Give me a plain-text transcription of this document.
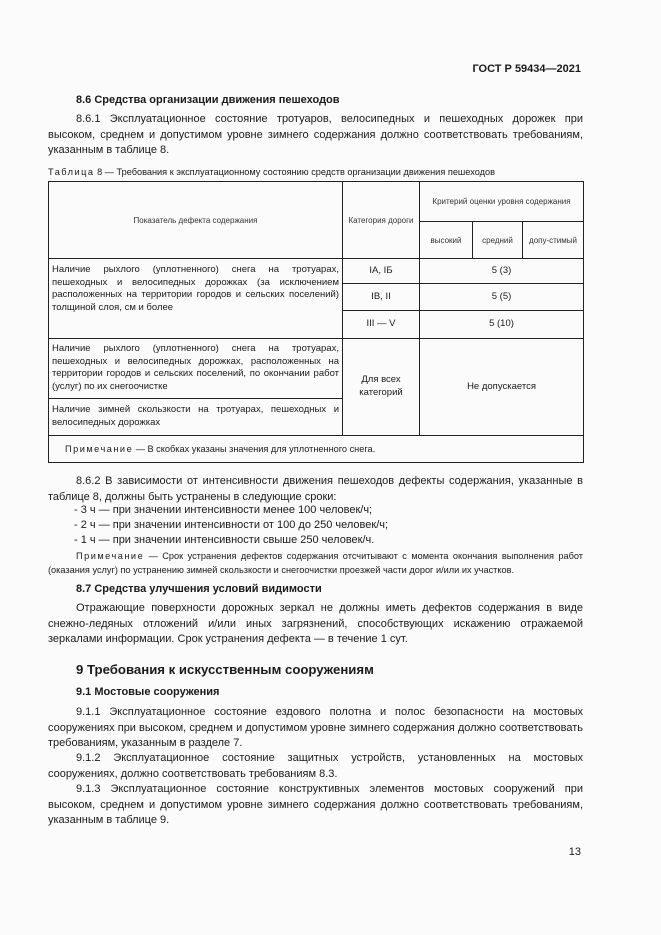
ГОСТ Р 59434—2021
8.6 Средства организации движения пешеходов
8.6.1 Эксплуатационное состояние тротуаров, велосипедных и пешеходных дорожек при высоком, среднем и допустимом уровне зимнего содержания должно соответствовать требованиям, указанным в таблице 8.
Таблица 8 — Требования к эксплуатационному состоянию средств организации движения пешеходов
Показатель дефекта содержания	Категория дороги	Критерий оценки уровня содержания		
		высокий	средний	допу-стимый
Наличие рыхлого (уплотненного) снега на тротуарах, пешеходных и велосипедных дорожках (за исключением расположенных на территории городов и сельских поселений) толщиной слоя, см и более	IA, IБ	5 (3)		
	IB, II	5 (5)		
	III — V	5 (10)		
Наличие рыхлого (уплотненного) снега на тротуарах, пешеходных и велосипедных дорожках, расположенных на территории городов и сельских поселений, по окончании работ (услуг) по их снегоочистке	Для всех категорий	Не допускается		
Наличие зимней скользкости на тротуарах, пешеходных и велосипедных дорожках				
Примечание — В скобках указаны значения для уплотненного снега.				
8.6.2 В зависимости от интенсивности движения пешеходов дефекты содержания, указанные в таблице 8, должны быть устранены в следующие сроки:
- 3 ч — при значении интенсивности менее 100 человек/ч;
- 2 ч — при значении интенсивности от 100 до 250 человек/ч;
- 1 ч — при значении интенсивности свыше 250 человек/ч.
Примечание — Срок устранения дефектов содержания отсчитывают с момента окончания выполнения работ (оказания услуг) по устранению зимней скользкости и снегоочистки проезжей части дорог и/или их участков.
8.7 Средства улучшения условий видимости
Отражающие поверхности дорожных зеркал не должны иметь дефектов содержания в виде снежно-ледяных отложений и/или иных загрязнений, способствующих искажению отражаемой зеркалами информации. Срок устранения дефекта — в течение 1 сут.
9 Требования к искусственным сооружениям
9.1 Мостовые сооружения
9.1.1 Эксплуатационное состояние ездового полотна и полос безопасности на мостовых сооружениях при высоком, среднем и допустимом уровне зимнего содержания должно соответствовать требованиям, указанным в разделе 7.
9.1.2 Эксплуатационное состояние защитных устройств, установленных на мостовых сооружениях, должно соответствовать требованиям 8.3.
9.1.3 Эксплуатационное состояние конструктивных элементов мостовых сооружений при высоком, среднем и допустимом уровне зимнего содержания должно соответствовать требованиям, указанным в таблице 9.
13
